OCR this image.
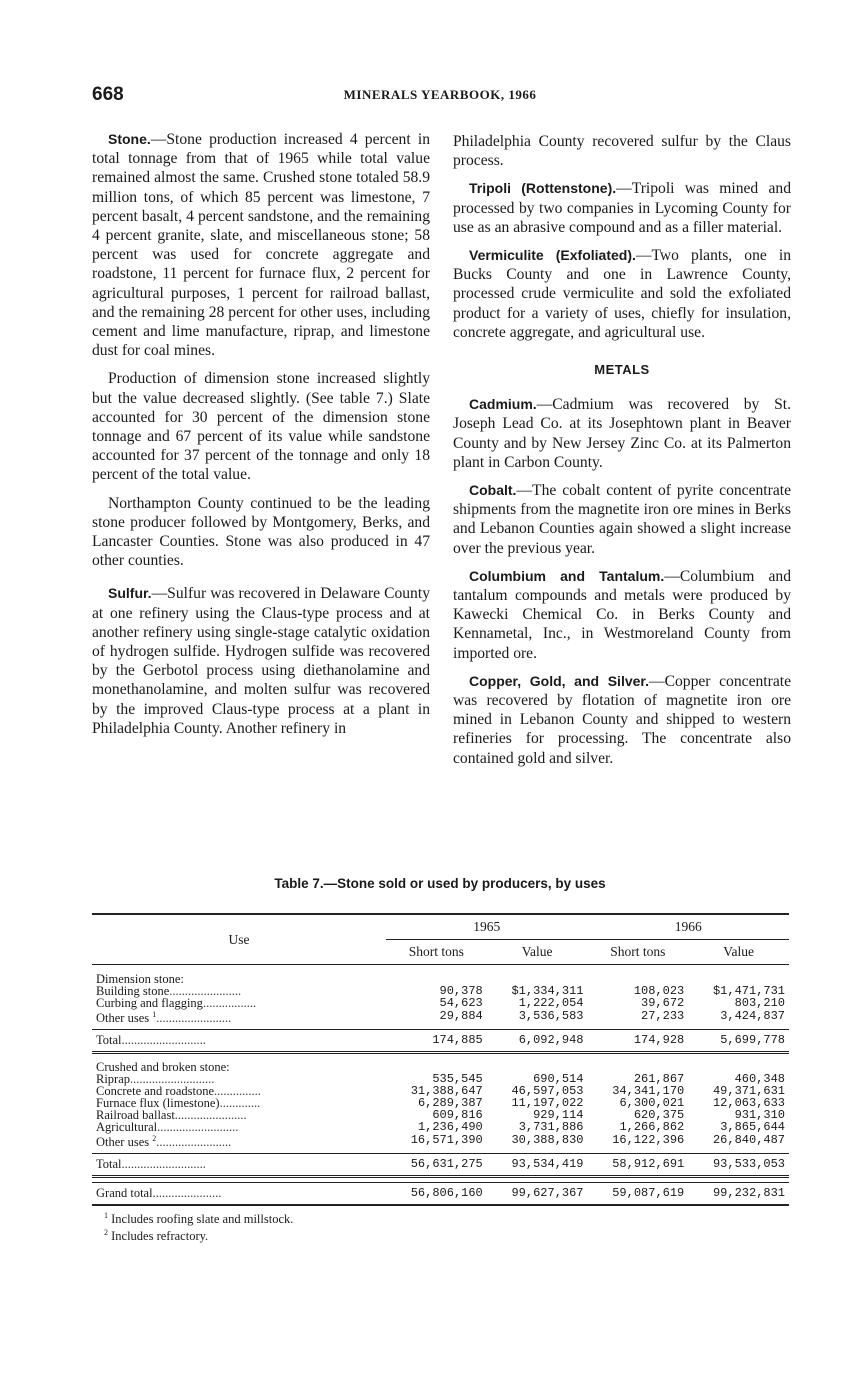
668	MINERALS YEARBOOK, 1966

Stone.—Stone production increased 4 percent in total tonnage from that of 1965 while total value remained almost the same. Crushed stone totaled 58.9 million tons, of which 85 percent was limestone, 7 percent basalt, 4 percent sandstone, and the remaining 4 percent granite, slate, and miscellaneous stone; 58 percent was used for concrete aggregate and roadstone, 11 percent for furnace flux, 2 percent for agricultural purposes, 1 percent for railroad ballast, and the remaining 28 percent for other uses, including cement and lime manufacture, riprap, and limestone dust for coal mines.

Production of dimension stone increased slightly but the value decreased slightly. (See table 7.) Slate accounted for 30 percent of the dimension stone tonnage and 67 percent of its value while sandstone accounted for 37 percent of the tonnage and only 18 percent of the total value.

Northampton County continued to be the leading stone producer followed by Montgomery, Berks, and Lancaster Counties. Stone was also produced in 47 other counties.

Sulfur.—Sulfur was recovered in Delaware County at one refinery using the Claus-type process and at another refinery using single-stage catalytic oxidation of hydrogen sulfide. Hydrogen sulfide was recovered by the Gerbotol process using diethanolamine and monethanolamine, and molten sulfur was recovered by the improved Claus-type process at a plant in Philadelphia County. Another refinery in

Philadelphia County recovered sulfur by the Claus process.

Tripoli (Rottenstone).—Tripoli was mined and processed by two companies in Lycoming County for use as an abrasive compound and as a filler material.

Vermiculite (Exfoliated).—Two plants, one in Bucks County and one in Lawrence County, processed crude vermiculite and sold the exfoliated product for a variety of uses, chiefly for insulation, concrete aggregate, and agricultural use.

METALS

Cadmium.—Cadmium was recovered by St. Joseph Lead Co. at its Josephtown plant in Beaver County and by New Jersey Zinc Co. at its Palmerton plant in Carbon County.

Cobalt.—The cobalt content of pyrite concentrate shipments from the magnetite iron ore mines in Berks and Lebanon Counties again showed a slight increase over the previous year.

Columbium and Tantalum.—Columbium and tantalum compounds and metals were produced by Kawecki Chemical Co. in Berks County and Kennametal, Inc., in Westmoreland County from imported ore.

Copper, Gold, and Silver.—Copper concentrate was recovered by flotation of magnetite iron ore mined in Lebanon County and shipped to western refineries for processing. The concentrate also contained gold and silver.

Table 7.—Stone sold or used by producers, by uses
Use	1965		1966	
	Short tons	Value	Short tons	Value

Dimension stone:				
Building stone.......................	90,378	$1,334,311	108,023	$1,471,731
Curbing and flagging.................	54,623	1,222,054	39,672	803,210
Other uses $^1$........................	29,884	3,536,583	27,233	3,424,837

Total...........................	174,885	6,092,948	174,928	5,699,778

Crushed and broken stone:				
Riprap...........................	535,545	690,514	261,867	460,348
Concrete and roadstone...............	31,388,647	46,597,053	34,341,170	49,371,631
Furnace flux (limestone).............	6,289,387	11,197,022	6,300,021	12,063,633
Railroad ballast.......................	609,816	929,114	620,375	931,310
Agricultural..........................	1,236,490	3,731,886	1,266,862	3,865,644
Other uses $^2$........................	16,571,390	30,388,830	16,122,396	26,840,487

Total...........................	56,631,275	93,534,419	58,912,691	93,533,053

Grand total......................	56,806,160	99,627,367	59,087,619	99,232,831
$^1$ Includes roofing slate and millstock.
$^2$ Includes refractory.
